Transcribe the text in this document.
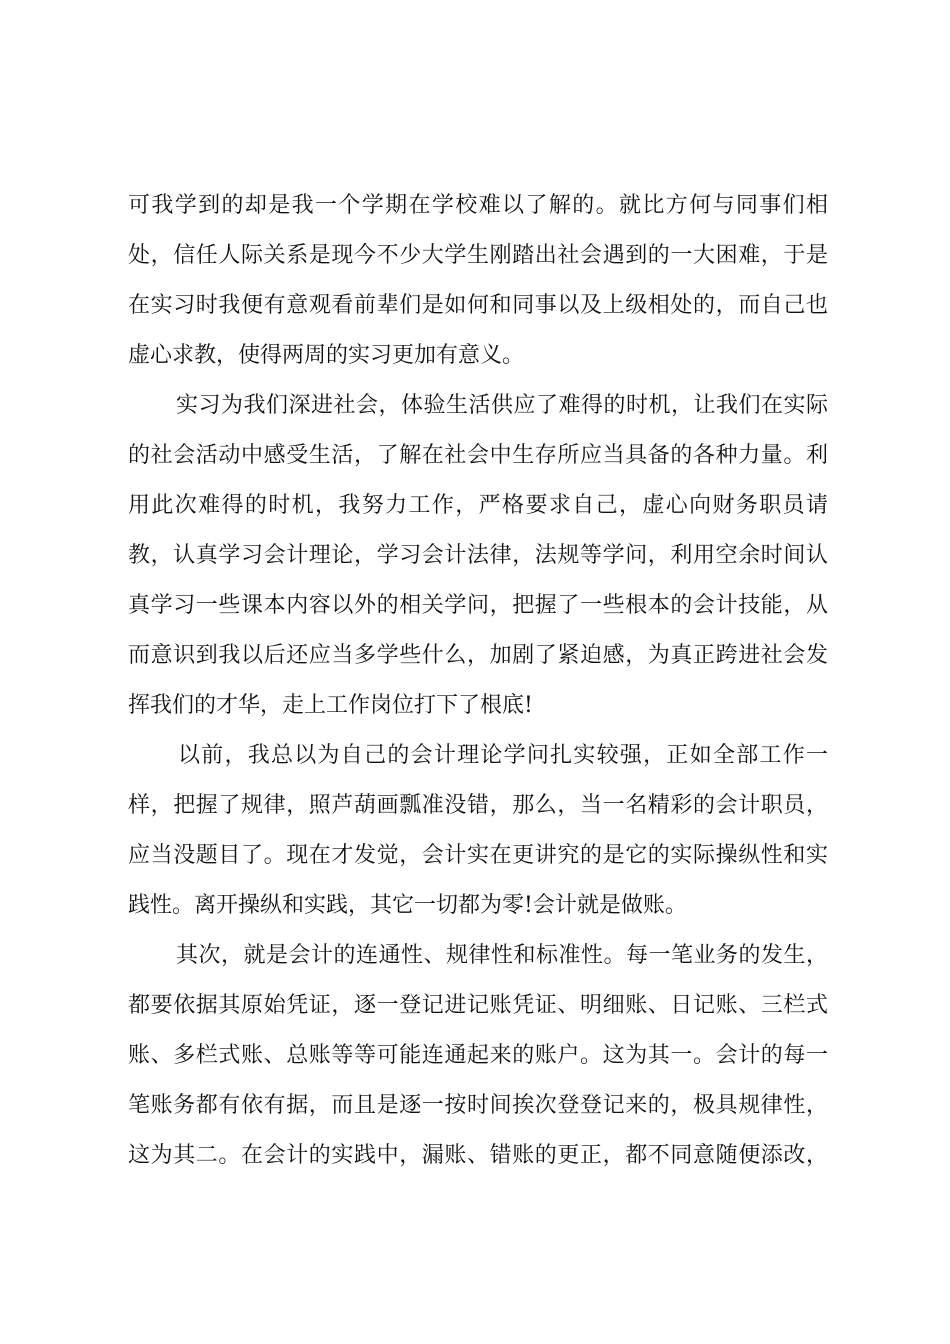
可我学到的却是我一个学期在学校难以了解的。就比方何与同事们相
处，信任人际关系是现今不少大学生刚踏出社会遇到的一大困难，于是
在实习时我便有意观看前辈们是如何和同事以及上级相处的，而自己也
虚心求教，使得两周的实习更加有意义。
实习为我们深进社会，体验生活供应了难得的时机，让我们在实际
的社会活动中感受生活，了解在社会中生存所应当具备的各种力量。利
用此次难得的时机，我努力工作，严格要求自己，虚心向财务职员请
教，认真学习会计理论，学习会计法律，法规等学问，利用空余时间认
真学习一些课本内容以外的相关学问，把握了一些根本的会计技能，从
而意识到我以后还应当多学些什么，加剧了紧迫感，为真正跨进社会发
挥我们的才华，走上工作岗位打下了根底!
以前，我总以为自己的会计理论学问扎实较强，正如全部工作一
样，把握了规律，照芦葫画瓢准没错，那么，当一名精彩的会计职员，
应当没题目了。现在才发觉，会计实在更讲究的是它的实际操纵性和实
践性。离开操纵和实践，其它一切都为零!会计就是做账。
其次，就是会计的连通性、规律性和标准性。每一笔业务的发生，
都要依据其原始凭证，逐一登记进记账凭证、明细账、日记账、三栏式
账、多栏式账、总账等等可能连通起来的账户。这为其一。会计的每一
笔账务都有依有据，而且是逐一按时间挨次登登记来的，极具规律性，
这为其二。在会计的实践中，漏账、错账的更正，都不同意随便添改，
